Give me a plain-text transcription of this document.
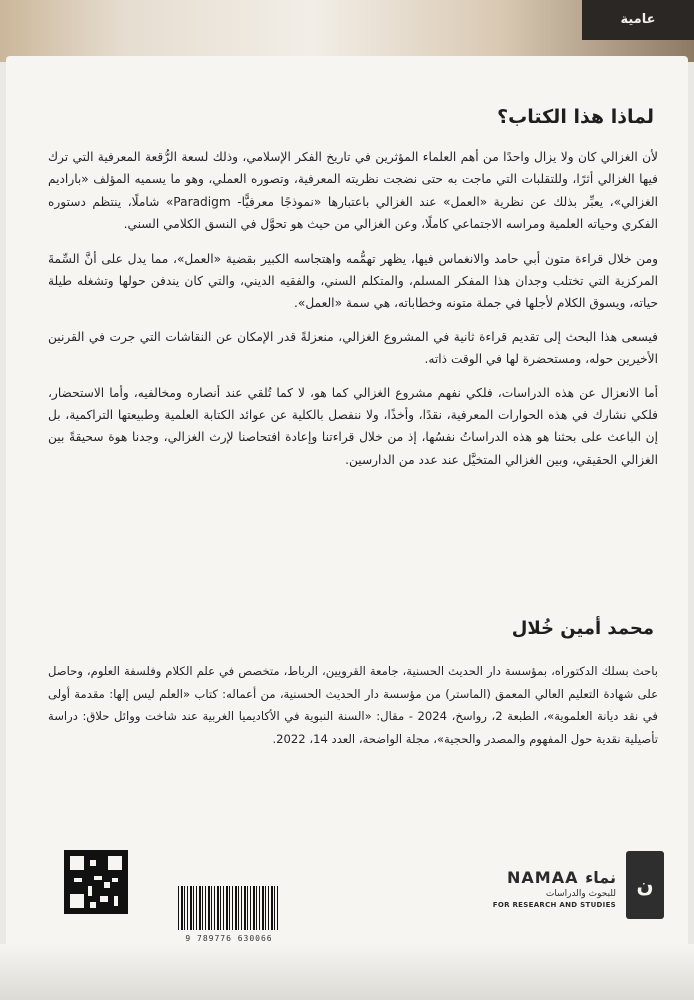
عامية
لماذا هذا الكتاب؟

لأن الغزالي كان ولا يزال واحدًا من أهم العلماء المؤثرين في تاريخ الفكر الإسلامي، وذلك لسعة الرُّقعة المعرفية التي ترك فيها الغزالي أثرًا، وللتقلبات التي ماجت به حتى نضجت نظريته المعرفية، وتصوره العملي، وهو ما يسميه المؤلف «باراديم الغزالي»، يعبِّر بذلك عن نظرية «العمل» عند الغزالي باعتبارها «نموذجًا معرفيًّا- Paradigm» شاملًا، ينتظم دستوره الفكري وحياته العلمية ومراسه الاجتماعي كاملًا، وعن الغزالي من حيث هو تحوَّل في النسق الكلامي السني.

ومن خلال قراءة متون أبي حامد والانغماس فيها، يظهر تهمُّمه واهتجاسه الكبير بقضية «العمل»، مما يدل على أنَّ السِّمةَ المركزية التي تختلب وجدان هذا المفكر المسلم، والمتكلم السني، والفقيه الديني، والتي كان يندفن حولها وتشغله طيلة حياته، ويسوق الكلام لأجلها في جملة متونه وخطاباته، هي سمة «العمل».

فيسعى هذا البحث إلى تقديم قراءة ثانية في المشروع الغزالي، منعزلةً قدر الإمكان عن النقاشات التي جرت في القرنين الأخيرين حوله، ومستحضرة لها في الوقت ذاته.

أما الانعزال عن هذه الدراسات، فلكي نفهم مشروع الغزالي كما هو، لا كما تُلقي عند أنصاره ومخالفيه، وأما الاستحضار، فلكي نشارك في هذه الحوارات المعرفية، نقدًا، وأخذًا، ولا ننفصل بالكلية عن عوائد الكتابة العلمية وطبيعتها التراكمية، بل إن الباعث على بحثنا هو هذه الدراساتُ نفسُها، إذ من خلال قراءتنا وإعادة افتحاصنا لإرث الغزالي، وجدنا هوة سحيقةً بين الغزالي الحقيقي، وبين الغزالي المتخيَّل عند عدد من الدارسين.

محمد أمين خُلال

باحث بسلك الدكتوراه، بمؤسسة دار الحديث الحسنية، جامعة القرويين، الرباط، متخصص في علم الكلام وفلسفة العلوم، وحاصل على شهادة التعليم العالي المعمق (الماستر) من مؤسسة دار الحديث الحسنية، من أعماله: كتاب «العلم ليس إلها: مقدمة أولى في نقد ديانة العلموية»، الطبعة 2، رواسخ، 2024 - مقال: «السنة النبوية في الأكاديميا الغربية عند شاخت ووائل حلاق: دراسة تأصيلية نقدية حول المفهوم والمصدر والحجية»، مجلة الواضحة، العدد 14، 2022.

9 789776 630066
NAMAA نماء
للبحوث والدراسات
FOR RESEARCH AND STUDIES
ن
